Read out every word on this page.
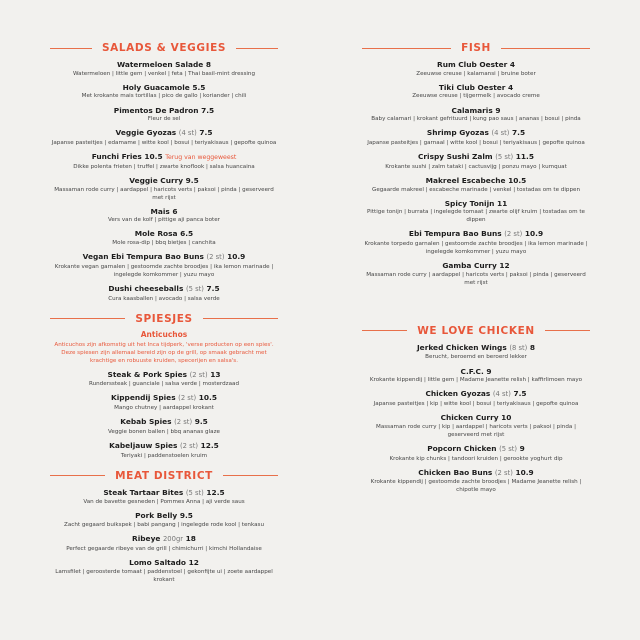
SALADS & VEGGIES
Watermeloen Salade 8
Watermeloen | little gem | venkel | feta | Thai basil-mint dressing
Holy Guacamole 5.5
Met krokante mais tortillas | pico de gallo | koriander | chili
Pimentos De Padron 7.5
Fleur de sel
Veggie Gyozas (4 st) 7.5
Japanse pasteitjes | edamame | witte kool | bosui | teriyakisaus | gepofte quinoa
Funchi Fries 10.5 Terug van weggeweest
Dikke polenta frieten | truffel | zwarte knoflook | salsa huancaina
Veggie Curry 9.5
Massaman rode curry | aardappel | haricots verts | paksoi | pinda | geserveerd met rijst
Mais 6
Vers van de kolf | pittige aji panca boter
Mole Rosa 6.5
Mole rosa-dip | bbq bietjes | canchita
Vegan Ebi Tempura Bao Buns (2 st) 10.9
Krokante vegan garnalen | gestoomde zachte broodjes | ika lemon marinade | ingelegde komkommer | yuzu mayo
Dushi cheeseballs (5 st) 7.5
Cura kaasballen | avocado | salsa verde
SPIESJES
Anticuchos
Anticuchos zijn afkomstig uit het Inca tijdperk, 'verse producten op een spies'. Deze spiesen zijn allemaal bereid zijn op de grill, op smaak gebracht met krachtige en robuuste kruiden, specerijen en salsa's.
Steak & Pork Spies (2 st) 13
Runderssteak | guanciale | salsa verde | mosterdzaad
Kippendij Spies (2 st) 10.5
Mango chutney | aardappel krokant
Kebab Spies (2 st) 9.5
Veggie bonen ballen | bbq ananas glaze
Kabeljauw Spies (2 st) 12.5
Teriyaki | paddenstoelen kruim
MEAT DISTRICT
Steak Tartaar Bites (5 st) 12.5
Van de bavette gesneden | Pommes Anna | aji verde saus
Pork Belly 9.5
Zacht gegaard buikspek | babi pangang | ingelegde rode kool | tenkasu
Ribeye 200gr 18
Perfect gegaarde ribeye van de grill | chimichurri | kimchi Hollandaise
Lomo Saltado 12
Lamsfilet | geroosterde tomaat | paddenstoel | gekonfijte ui | zoete aardappel krokant
FISH
Rum Club Oester 4
Zeeuwse creuse | kalamansi | bruine boter
Tiki Club Oester 4
Zeeuwse creuse | tijgermelk | avocado creme
Calamaris 9
Baby calamari | krokant gefrituurd | kung pao saus | ananas | bosui | pinda
Shrimp Gyozas (4 st) 7.5
Japanse pasteitjes | garnaal | witte kool | bosui | teriyakisaus | gepofte quinoa
Crispy Sushi Zalm (5 st) 11.5
Krokante sushi | zalm tataki | cactusvijg | ponzu mayo | kumquat
Makreel Escabeche 10.5
Gegaarde makreel | escabeche marinade | venkel | tostadas om te dippen
Spicy Tonijn 11
Pittige tonijn | burrata | ingelegde tomaat | zwarte olijf kruim | tostadas om te dippen
Ebi Tempura Bao Buns (2 st) 10.9
Krokante torpedo garnalen | gestoomde zachte broodjes | ika lemon marinade | ingelegde komkommer | yuzu mayo
Gamba Curry 12
Massaman rode curry | aardappel | haricots verts | paksoi | pinda | geserveerd met rijst
WE LOVE CHICKEN
Jerked Chicken Wings (8 st) 8
Berucht, beroemd en beroerd lekker
C.F.C. 9
Krokante kippendij | little gem | Madame Jeanette relish | kaffirlimoen mayo
Chicken Gyozas (4 st) 7.5
Japanse pasteitjes | kip | witte kool | bosui | teriyakisaus | gepofte quinoa
Chicken Curry 10
Massaman rode curry | kip | aardappel | haricots verts | paksoi | pinda | geserveerd met rijst
Popcorn Chicken (5 st) 9
Krokante kip chunks | tandoori kruiden | gerookte yoghurt dip
Chicken Bao Buns (2 st) 10.9
Krokante kippendij | gestoomde zachte broodjes | Madame Jeanette relish | chipotle mayo
